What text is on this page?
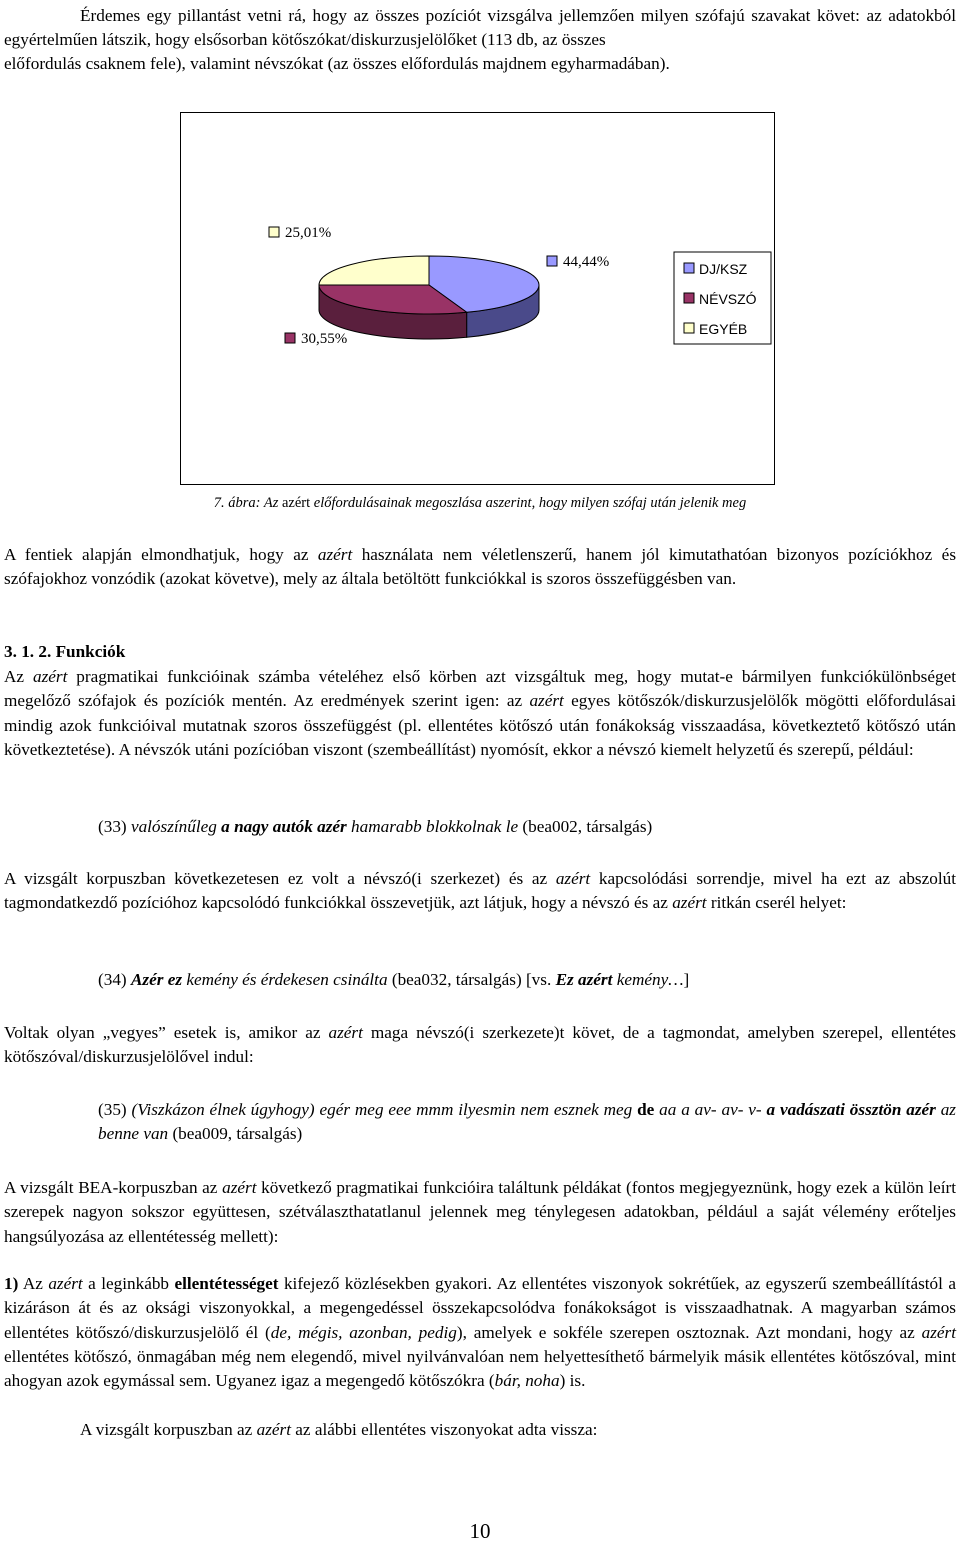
Érdemes egy pillantást vetni rá, hogy az összes pozíciót vizsgálva jellemzően milyen szófajú szavakat követ: az adatokból egyértelműen látszik, hogy elsősorban kötőszókat/diskurzusjelölőket (113 db, az összes

előfordulás csaknem fele), valamint névszókat (az összes előfordulás majdnem egyharmadában).

44,44%
30,55%
25,01%
DJ/KSZ
NÉVSZÓ
EGYÉB
7. ábra: Az azért előfordulásainak megoszlása aszerint, hogy milyen szófaj után jelenik meg

A fentiek alapján elmondhatjuk, hogy az azért használata nem véletlenszerű, hanem jól kimutathatóan bizonyos pozíciókhoz és szófajokhoz vonzódik (azokat követve), mely az általa betöltött funkciókkal is szoros összefüggésben van.

3. 1. 2. Funkciók

Az azért pragmatikai funkcióinak számba vételéhez első körben azt vizsgáltuk meg, hogy mutat-e bármilyen funkciókülönbséget megelőző szófajok és pozíciók mentén. Az eredmények szerint igen: az azért egyes kötőszók/diskurzusjelölők mögötti előfordulásai mindig azok funkcióival mutatnak szoros összefüggést (pl. ellentétes kötőszó után fonákokság visszaadása, következtető kötőszó után következtetése). A névszók utáni pozícióban viszont (szembeállítást) nyomósít, ekkor a névszó kiemelt helyzetű és szerepű, például:

(33) valószínűleg a nagy autók azér hamarabb blokkolnak le (bea002, társalgás)

A vizsgált korpuszban következetesen ez volt a névszó(i szerkezet) és az azért kapcsolódási sorrendje, mivel ha ezt az abszolút tagmondatkezdő pozícióhoz kapcsolódó funkciókkal összevetjük, azt látjuk, hogy a névszó és az azért ritkán cserél helyet:

(34) Azér ez kemény és érdekesen csinálta (bea032, társalgás) [vs. Ez azért kemény…]

Voltak olyan „vegyes” esetek is, amikor az azért maga névszó(i szerkezete)t követ, de a tagmondat, amelyben szerepel, ellentétes kötőszóval/diskurzusjelölővel indul:

(35) (Viszkázon élnek úgyhogy) egér meg eee mmm ilyesmin nem esznek meg de aa a av- av- v- a vadászati össztön azér az benne van (bea009, társalgás)

A vizsgált BEA-korpuszban az azért következő pragmatikai funkcióira találtunk példákat (fontos megjegyeznünk, hogy ezek a külön leírt szerepek nagyon sokszor együttesen, szétválaszthatatlanul jelennek meg ténylegesen adatokban, például a saját vélemény erőteljes hangsúlyozása az ellentétesség mellett):

1) Az azért a leginkább ellentétességet kifejező közlésekben gyakori. Az ellentétes viszonyok sokrétűek, az egyszerű szembeállítástól a kizáráson át és az oksági viszonyokkal, a megengedéssel összekapcsolódva fonákokságot is visszaadhatnak. A magyarban számos ellentétes kötőszó/diskurzusjelölő él (de, mégis, azonban, pedig), amelyek e sokféle szerepen osztoznak. Azt mondani, hogy az azért ellentétes kötőszó, önmagában még nem elegendő, mivel nyilvánvalóan nem helyettesíthető bármelyik másik ellentétes kötőszóval, mint ahogyan azok egymással sem. Ugyanez igaz a megengedő kötőszókra (bár, noha) is.

A vizsgált korpuszban az azért az alábbi ellentétes viszonyokat adta vissza:

10
